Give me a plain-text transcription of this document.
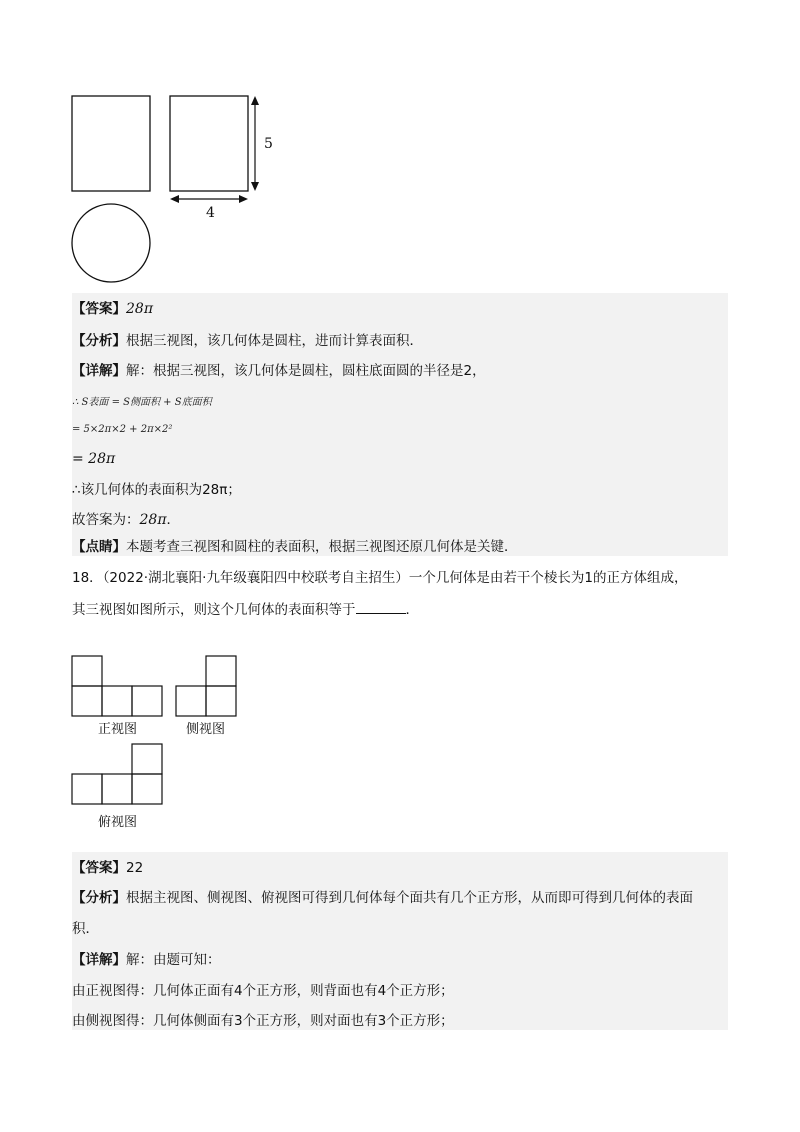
5
4
【答案】28π
【分析】根据三视图，该几何体是圆柱，进而计算表面积．
【详解】解：根据三视图，该几何体是圆柱，圆柱底面圆的半径是2，
∴ S表面 = S侧面积 + S底面积
= 5×2π×2 + 2π×2²
= 28π
∴该几何体的表面积为28π；
故答案为：28π．
【点睛】本题考查三视图和圆柱的表面积，根据三视图还原几何体是关键．
18．（2022·湖北襄阳·九年级襄阳四中校联考自主招生）一个几何体是由若干个棱长为1的正方体组成，
其三视图如图所示，则这个几何体的表面积等于	．
正视图	侧视图
俯视图
【答案】22
【分析】根据主视图、侧视图、俯视图可得到几何体每个面共有几个正方形，从而即可得到几何体的表面
积．
【详解】解：由题可知：
由正视图得：几何体正面有4个正方形，则背面也有4个正方形；
由侧视图得：几何体侧面有3个正方形，则对面也有3个正方形；
